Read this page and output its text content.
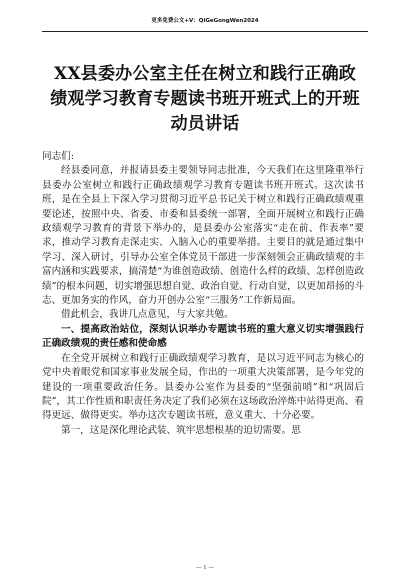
更多免费公文+V：QiGeGongWen2024
XX县委办公室主任在树立和践行正确政
绩观学习教育专题读书班开班式上的开班
动员讲话

同志们:

经县委同意，并报请县委主要领导同志批准，今天我们在这里隆重举行县委办公室树立和践行正确政绩观学习教育专题读书班开班式。这次读书班，是在全县上下深入学习贯彻习近平总书记关于树立和践行正确政绩观重要论述，按照中央、省委、市委和县委统一部署，全面开展树立和践行正确政绩观学习教育的背景下举办的，是县委办公室落实“走在前、作表率”要求，推动学习教育走深走实、入脑入心的重要举措。主要目的就是通过集中学习、深入研讨，引导办公室全体党员干部进一步深刻领会正确政绩观的丰富内涵和实践要求，搞清楚“为谁创造政绩、创造什么样的政绩、怎样创造政绩”的根本问题，切实增强思想自觉、政治自觉、行动自觉，以更加昂扬的斗志、更加务实的作风，奋力开创办公室“三服务”工作新局面。

借此机会，我讲几点意见，与大家共勉。

一、提高政治站位，深刻认识举办专题读书班的重大意义切实增强践行正确政绩观的责任感和使命感

在全党开展树立和践行正确政绩观学习教育，是以习近平同志为核心的党中央着眼党和国家事业发展全局，作出的一项重大决策部署，是今年党的建设的一项重要政治任务。县委办公室作为县委的“坚强前哨”和“巩固后院”，其工作性质和职责任务决定了我们必须在这场政治淬炼中站得更高、看得更远、做得更实。举办这次专题读书班，意义重大、十分必要。

第一，这是深化理论武装、筑牢思想根基的迫切需要。思

— 1 —
